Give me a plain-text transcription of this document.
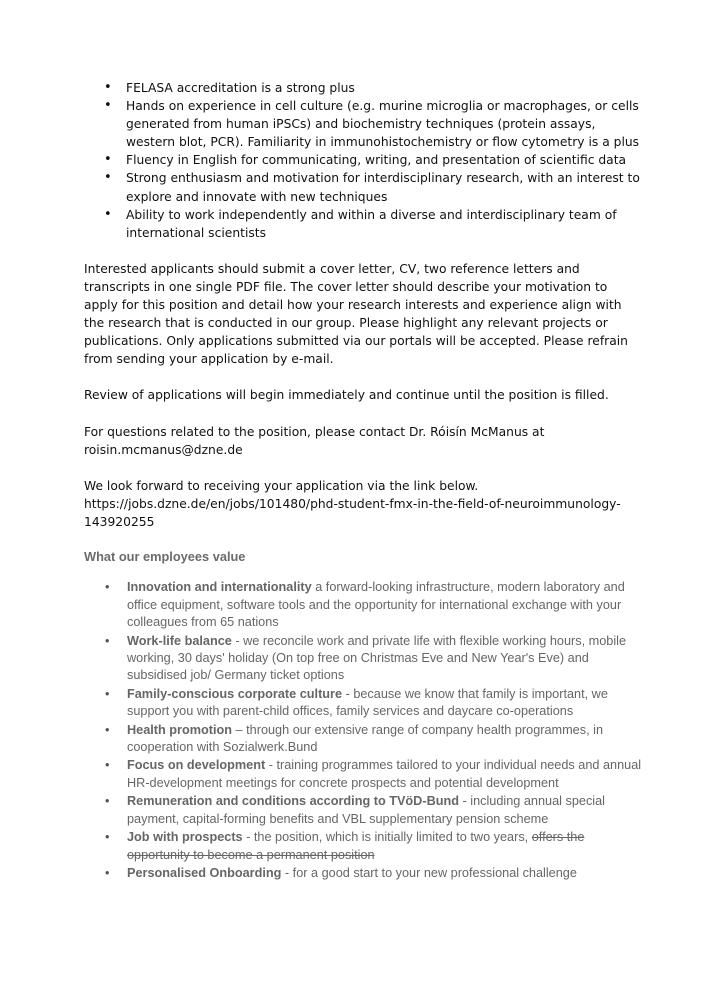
• FELASA accreditation is a strong plus
• Hands on experience in cell culture (e.g. murine microglia or macrophages, or cells generated from human iPSCs) and biochemistry techniques (protein assays, western blot, PCR). Familiarity in immunohistochemistry or flow cytometry is a plus
• Fluency in English for communicating, writing, and presentation of scientific data
• Strong enthusiasm and motivation for interdisciplinary research, with an interest to explore and innovate with new techniques
• Ability to work independently and within a diverse and interdisciplinary team of international scientists

Interested applicants should submit a cover letter, CV, two reference letters and transcripts in one single PDF file. The cover letter should describe your motivation to apply for this position and detail how your research interests and experience align with the research that is conducted in our group. Please highlight any relevant projects or publications. Only applications submitted via our portals will be accepted. Please refrain from sending your application by e-mail.

Review of applications will begin immediately and continue until the position is filled.

For questions related to the position, please contact Dr. Róisín McManus at
roisin.mcmanus@dzne.de

We look forward to receiving your application via the link below.
https://jobs.dzne.de/en/jobs/101480/phd-student-fmx-in-the-field-of-neuroimmunology-143920255

What our employees value
• Innovation and internationality a forward-looking infrastructure, modern laboratory and office equipment, software tools and the opportunity for international exchange with your colleagues from 65 nations
• Work-life balance - we reconcile work and private life with flexible working hours, mobile working, 30 days' holiday (On top free on Christmas Eve and New Year's Eve) and subsidised job/ Germany ticket options
• Family-conscious corporate culture - because we know that family is important, we support you with parent-child offices, family services and daycare co-operations
• Health promotion – through our extensive range of company health programmes, in cooperation with Sozialwerk.Bund
• Focus on development - training programmes tailored to your individual needs and annual HR-development meetings for concrete prospects and potential development
• Remuneration and conditions according to TVöD-Bund - including annual special payment, capital-forming benefits and VBL supplementary pension scheme
• Job with prospects - the position, which is initially limited to two years, offers the opportunity to become a permanent position
• Personalised Onboarding - for a good start to your new professional challenge
